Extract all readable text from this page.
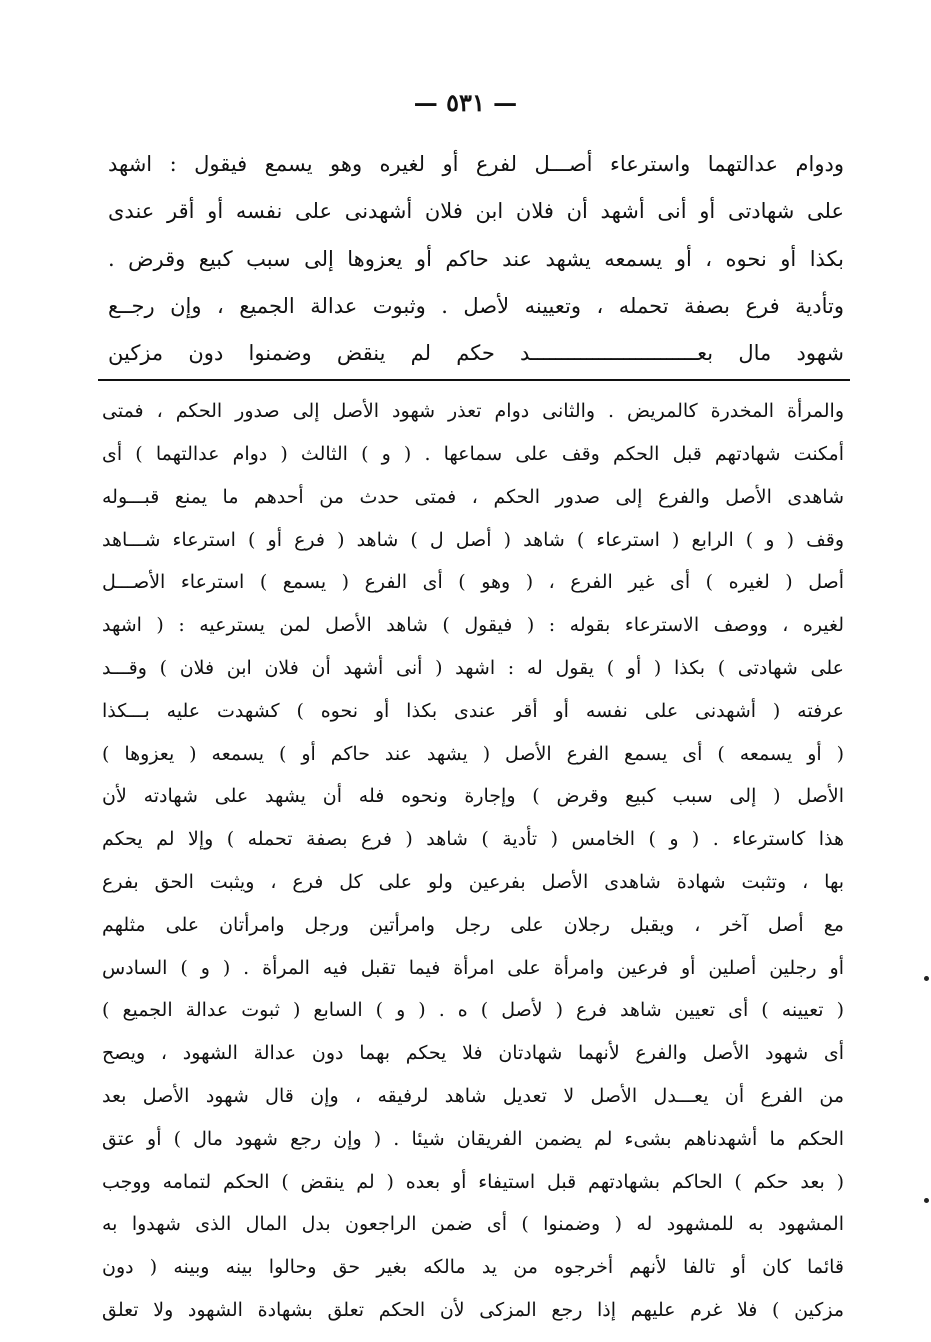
— ٥٣١ —
ودوام عدالتهما واسترعاء أصـــل لفرع أو لغيره وهو يسمع فيقول : اشهد
على شهادتى أو أنى أشهد أن فلان ابن فلان أشهدنى على نفسه أو أقر عندى
بكذا أو نحوه ، أو يسمعه يشهد عند حاكم أو يعزوها إلى سبب كبيع وقرض .
وتأدية فرع بصفة تحمله ، وتعيينه لأصل . وثبوت عدالة الجميع ، وإن رجــع
شهود مال بعـــــــــــــــــــــــــــد حكم لم ينقض وضمنوا دون مزكين
والمرأة المخدرة كالمريض . والثانى دوام تعذر شهود الأصل إلى صدور الحكم ، فمتى
أمكنت شهادتهم قبل الحكم وقف على سماعها . ( و ) الثالث ( دوام عدالتهما ) أى
شاهدى الأصل والفرع إلى صدور الحكم ، فمتى حدث من أحدهم ما يمنع قبـــوله
وقف ( و ) الرابع ( استرعاء ) شاهد ( أصل ل ) شاهد ( فرع أو ) استرعاء شـــاهد
أصل ( لغيره ) أى غير الفرع ، ( وهو ) أى الفرع ( يسمع ) استرعاء الأصـــل
لغيره ، ووصف الاسترعاء بقوله : ( فيقول ) شاهد الأصل لمن يسترعيه : ( اشهد
على شهادتى ) بكذا ( أو ) يقول له : اشهد ( أنى أشهد أن فلان ابن فلان ) وقـــد
عرفته ( أشهدنى على نفسه أو أقر عندى بكذا أو نحوه ) كشهدت عليه بـــكذا
( أو يسمعه ) أى يسمع الفرع الأصل ( يشهد عند حاكم أو ) يسمعه ( يعزوها )
الأصل ( إلى سبب كبيع وقرض ) وإجارة ونحوه فله أن يشهد على شهادته لأن
هذا كاسترعاء . ( و ) الخامس ( تأدية ) شاهد ( فرع بصفة تحمله ) وإلا لم يحكم
بها ، وتثبت شهادة شاهدى الأصل بفرعين ولو على كل فرع ، ويثبت الحق بفرع
مع أصل آخر ، ويقبل رجلان على رجل وامرأتين ورجل وامرأتان على مثلهم
أو رجلين أصلين أو فرعين وامرأة على امرأة فيما تقبل فيه المرأة . ( و ) السادس
( تعيينه ) أى تعيين شاهد فرع ( لأصل ) ه . ( و ) السابع ( ثبوت عدالة الجميع )
أى شهود الأصل والفرع لأنهما شهادتان فلا يحكم بهما دون عدالة الشهود ، ويصح
من الفرع أن يعـــدل الأصل لا تعديل شاهد لرفيقه ، وإن قال شهود الأصل بعد
الحكم ما أشهدناهم بشىء لم يضمن الفريقان شيئا . ( وإن رجع شهود مال ) أو عتق
( بعد حكم ) الحاكم بشهادتهم قبل استيفاء أو بعده ( لم ينقض ) الحكم لتمامه ووجب
المشهود به للمشهود له ( وضمنوا ) أى ضمن الراجعون بدل المال الذى شهدوا به
قائما كان أو تالفا لأنهم أخرجوه من يد مالكه بغير حق وحالوا بينه وبينه ( دون
مزكين ) فلا غرم عليهم إذا رجع المزكى لأن الحكم تعلق بشهادة الشهود ولا تعلق
